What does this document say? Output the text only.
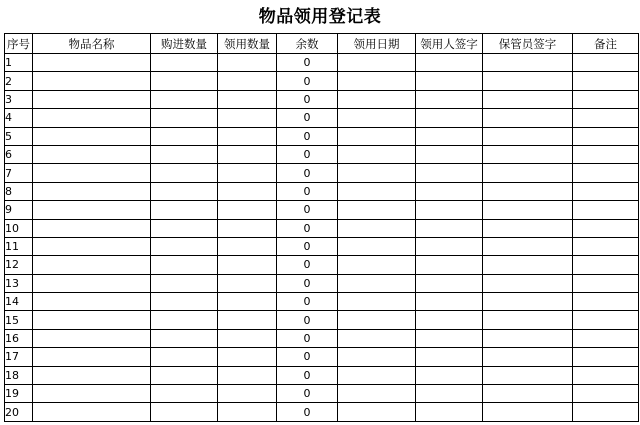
物品领用登记表
序号	物品名称	购进数量	领用数量	余数	领用日期	领用人签字	保管员签字	备注
1				0				
2				0				
3				0				
4				0				
5				0				
6				0				
7				0				
8				0				
9				0				
10				0				
11				0				
12				0				
13				0				
14				0				
15				0				
16				0				
17				0				
18				0				
19				0				
20				0				
